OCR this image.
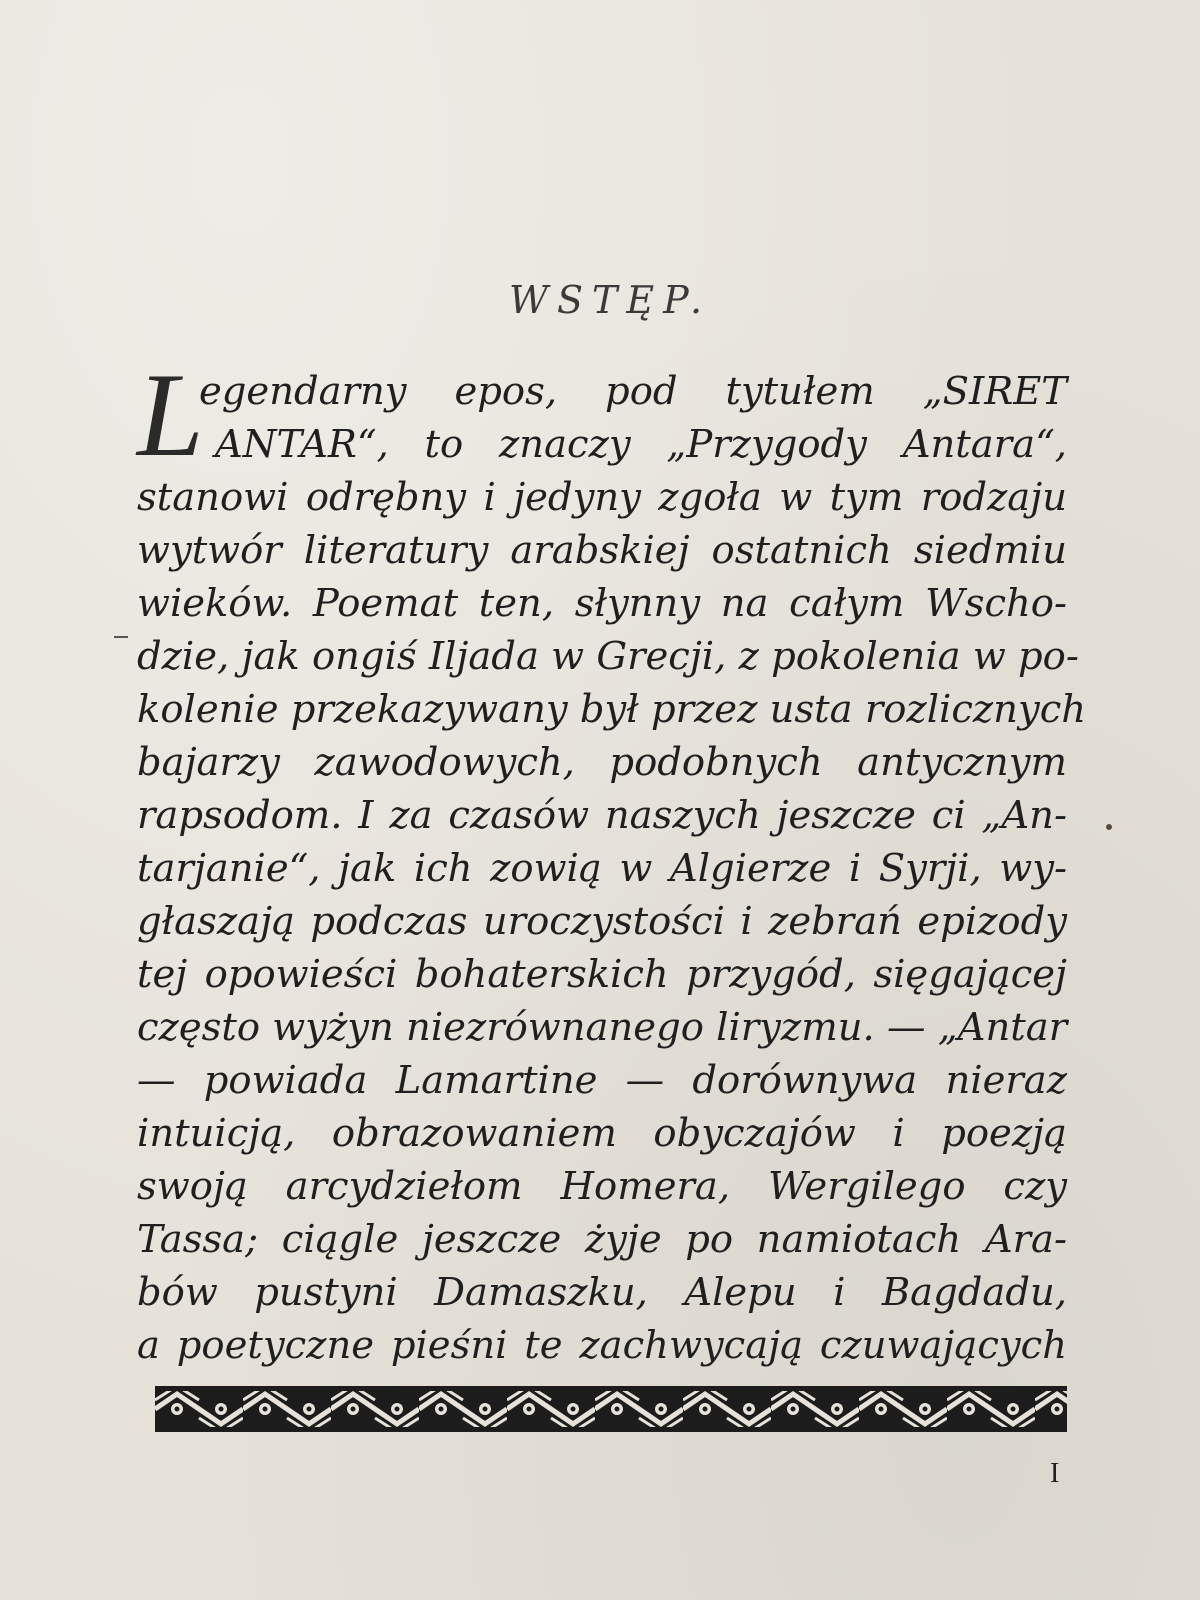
WSTĘP.
L
egendarny epos, pod tytułem „SIRET
ANTAR“, to znaczy „Przygody Antara“,
stanowi odrębny i jedyny zgoła w tym rodzaju
wytwór literatury arabskiej ostatnich siedmiu
wieków. Poemat ten, słynny na całym Wscho-
dzie, jak ongiś Iljada w Grecji, z pokolenia w po-
kolenie przekazywany był przez usta rozlicznych
bajarzy zawodowych, podobnych antycznym
rapsodom. I za czasów naszych jeszcze ci „An-
tarjanie“, jak ich zowią w Algierze i Syrji, wy-
głaszają podczas uroczystości i zebrań epizody
tej opowieści bohaterskich przygód, sięgającej
często wyżyn niezrównanego liryzmu. — „Antar
— powiada Lamartine — dorównywa nieraz
intuicją, obrazowaniem obyczajów i poezją
swoją arcydziełom Homera, Wergilego czy
Tassa; ciągle jeszcze żyje po namiotach Ara-
bów pustyni Damaszku, Alepu i Bagdadu,
a poetyczne pieśni te zachwycają czuwających
I
